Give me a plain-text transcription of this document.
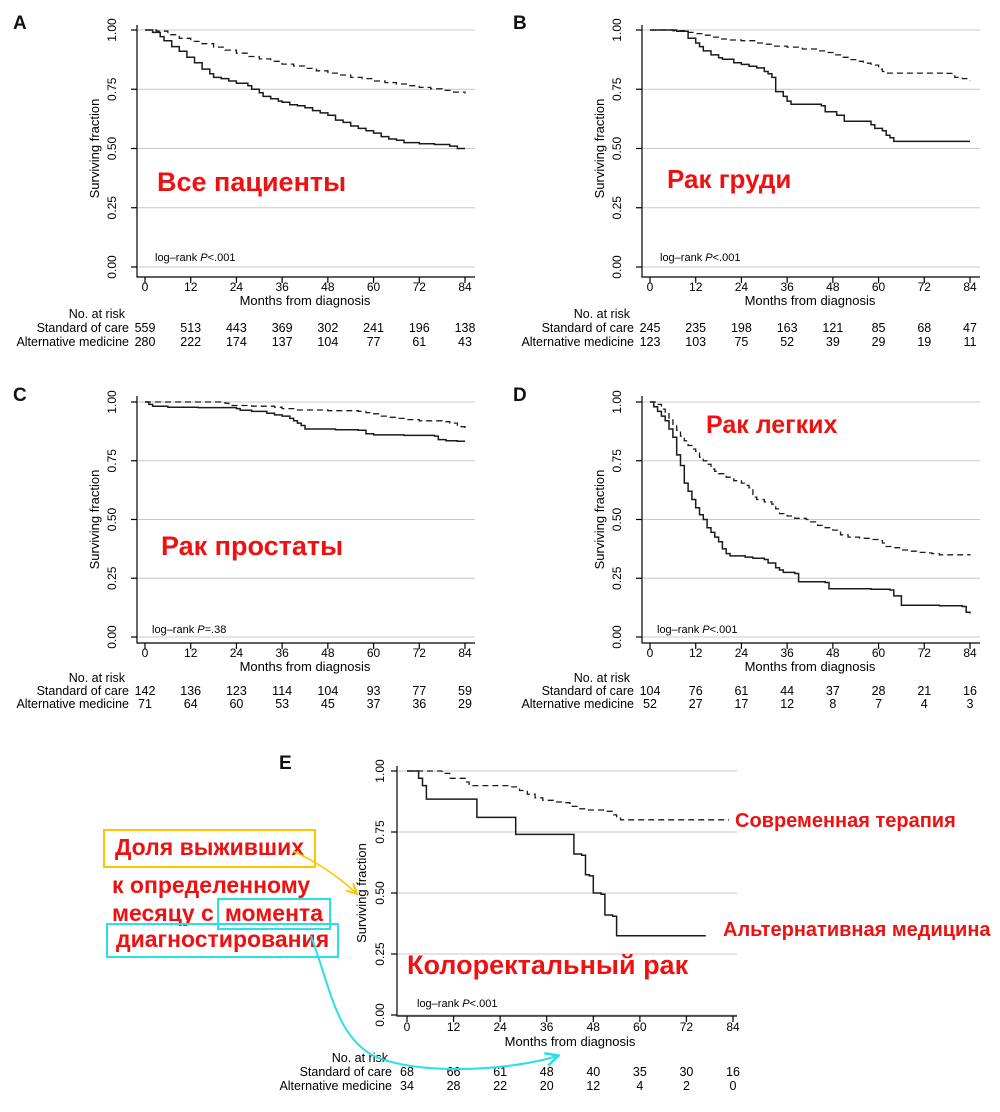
0.00
0.25
0.50
0.75
1.00
Surviving fraction
0	12	24	36	48	60	72	84
Months from diagnosis
log–rank P<.001
No. at risk
Standard of care 559 513 443 369 302 241 196 138
Alternative medicine 280 222 174 137 104 77	61	43
0.00
0.25
0.50
0.75
1.00
Surviving fraction
0	12	24	36	48	60	72	84
Months from diagnosis
log–rank P<.001
No. at risk
Standard of care 245 235 198 163 121 85	68	47
Alternative medicine 123 103 75	52	39	29	19	11
0.00
0.25
0.50
0.75
1.00
Surviving fraction
0	12	24	36	48	60	72	84
Months from diagnosis
log–rank P=.38
No. at risk
Standard of care 142 136 123 114 104 93	77	59
Alternative medicine 71	64	60	53	45	37	36	29
0.00
0.25
0.50
0.75
1.00
Surviving fraction
0	12	24	36	48	60	72	84
Months from diagnosis
log–rank P<.001
No. at risk
Standard of care 104 76	61	44	37	28	21	16
Alternative medicine 52	27	17	12	8	7	4	3
0.00
0.25
0.50
0.75
1.00
Surviving fraction
0	12	24	36	48	60	72	84
Months from diagnosis
log–rank P<.001
No. at risk
Standard of care 68	66	61	48	40	35	30	16
Alternative medicine 34	28	22	20	12	4	2	0
A	B
C	D
E
Все пациенты	Рак груди
Рак простаты
Рак легких
Колоректальный рак
Современная терапия
Альтернативная медицина
Доля выживших
к определенному
месяцу с момента
диагностирования
